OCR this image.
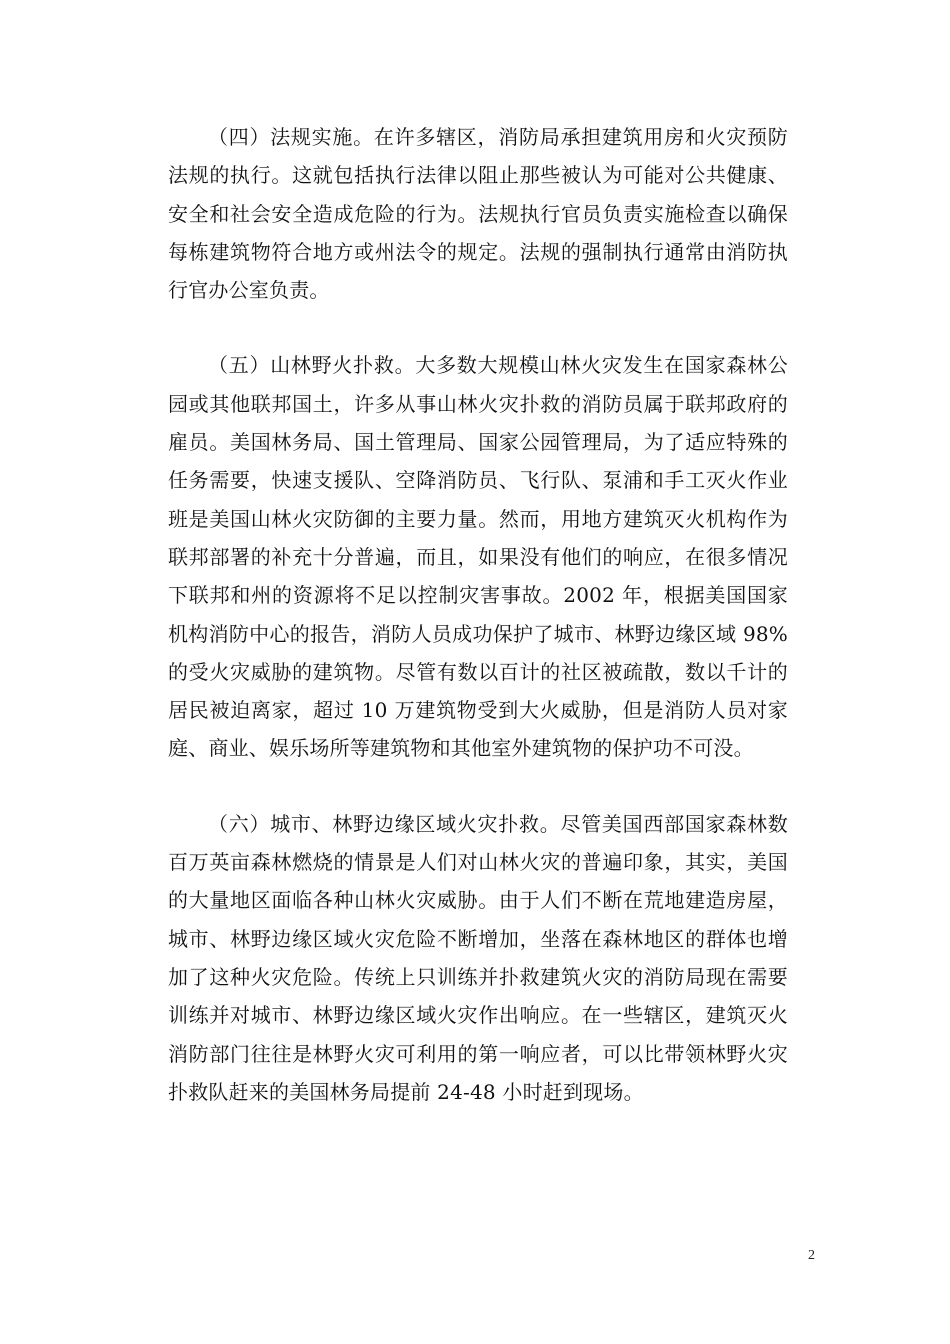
（四）法规实施。在许多辖区，消防局承担建筑用房和火灾预防法规的执行。这就包括执行法律以阻止那些被认为可能对公共健康、安全和社会安全造成危险的行为。法规执行官员负责实施检查以确保每栋建筑物符合地方或州法令的规定。法规的强制执行通常由消防执行官办公室负责。

（五）山林野火扑救。大多数大规模山林火灾发生在国家森林公园或其他联邦国土，许多从事山林火灾扑救的消防员属于联邦政府的雇员。美国林务局、国土管理局、国家公园管理局，为了适应特殊的任务需要，快速支援队、空降消防员、飞行队、泵浦和手工灭火作业班是美国山林火灾防御的主要力量。然而，用地方建筑灭火机构作为联邦部署的补充十分普遍，而且，如果没有他们的响应，在很多情况下联邦和州的资源将不足以控制灾害事故。2002 年，根据美国国家机构消防中心的报告，消防人员成功保护了城市、林野边缘区域 98%的受火灾威胁的建筑物。尽管有数以百计的社区被疏散，数以千计的居民被迫离家，超过 10 万建筑物受到大火威胁，但是消防人员对家庭、商业、娱乐场所等建筑物和其他室外建筑物的保护功不可没。

（六）城市、林野边缘区域火灾扑救。尽管美国西部国家森林数百万英亩森林燃烧的情景是人们对山林火灾的普遍印象，其实，美国的大量地区面临各种山林火灾威胁。由于人们不断在荒地建造房屋，城市、林野边缘区域火灾危险不断增加，坐落在森林地区的群体也增加了这种火灾危险。传统上只训练并扑救建筑火灾的消防局现在需要训练并对城市、林野边缘区域火灾作出响应。在一些辖区，建筑灭火消防部门往往是林野火灾可利用的第一响应者，可以比带领林野火灾扑救队赶来的美国林务局提前 24-48 小时赶到现场。

2
